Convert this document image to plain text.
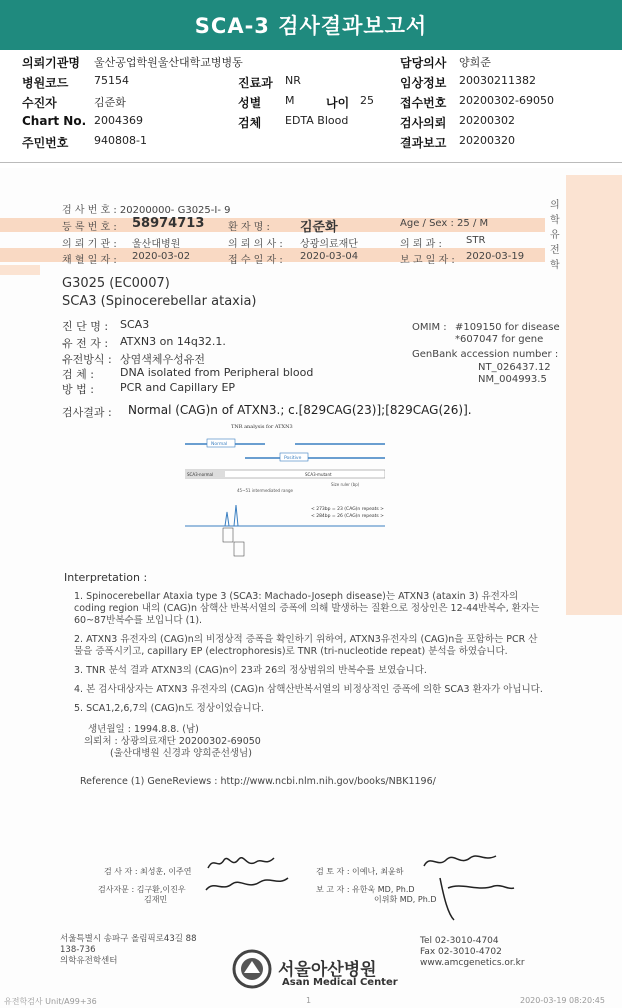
SCA-3 검사결과보고서
의뢰기관명 울산공업학원울산대학교병병동	담당의사 양희준
병원코드 75154	진료과 NR	임상정보 20030211382
수진자	김준화	성별 M	나이 25 접수번호 20200302-69050
Chart No. 2004369	검체 EDTA Blood	검사의뢰 20200302
주민번호 940808-1	결과보고 20200320
의학유전학
검 사 번 호 : 20200000- G3025-I- 9
등 록 번 호 : 58974713 환 자 명 : 김준화	Age / Sex : 25 / M
의 뢰 기 관 : 울산대병원	의 뢰 의 사 : 상광의료재단	의 뢰 과 : STR
채 혈 일 자 : 2020-03-02	접 수 일 자 : 2020-03-04	보 고 일 자 : 2020-03-19
G3025 (EC0007)
SCA3 (Spinocerebellar ataxia)
진 단 명 : SCA3
유 전 자 : ATXN3 on 14q32.1.
유전방식 : 상염색체우성유전
검 체 : DNA isolated from Peripheral blood
방 법 : PCR and Capillary EP
OMIM : #109150 for disease
*607047 for gene
GenBank accession number :
NT_026437.12
NM_004993.5
검사결과 : Normal (CAG)n of ATXN3.; c.[829CAG(23)];[829CAG(26)].
TNR analysis for ATXN3
Normal
Positive
SCA3-normal	SCA3-mutant
Size ruler (bp)
45~51 intermediated range
< 273bp = 23 (CAG)n repeats >
< 284bp = 26 (CAG)n repeats >
Interpretation :
1. Spinocerebellar Ataxia type 3 (SCA3: Machado-Joseph disease)는 ATXN3 (ataxin 3) 유전자의 coding region 내의 (CAG)n 삼핵산 반복서열의 증폭에 의해 발생하는 질환으로 정상인은 12-44반복수, 환자는 60~87반복수를 보입니다 (1).
2. ATXN3 유전자의 (CAG)n의 비정상적 증폭을 확인하기 위하여, ATXN3유전자의 (CAG)n을 포함하는 PCR 산물을 증폭시키고, capillary EP (electrophoresis)로 TNR (tri-nucleotide repeat) 분석을 하였습니다.
3. TNR 분석 결과 ATXN3의 (CAG)n이 23과 26의 정상범위의 반복수를 보였습니다.
4. 본 검사대상자는 ATXN3 유전자의 (CAG)n 삼핵산반복서열의 비정상적인 증폭에 의한 SCA3 환자가 아닙니다.
5. SCA1,2,6,7의 (CAG)n도 정상이었습니다.
생년월일 : 1994.8.8. (남)
의뢰처 : 상광의료재단 20200302-69050
(울산대병원 신경과 양희준선생님)
Reference (1) GeneReviews : http://www.ncbi.nlm.nih.gov/books/NBK1196/
검 사 자 : 최성훈, 이주연	검 토 자 : 이예나, 최윤하
검사자문 : 김구환,이진우
김재민
보 고 자 : 유한욱 MD, Ph.D
이위화 MD, Ph.D
서울특별시 송파구 올림픽로43길 88
138-736
의학유전학센터
Tel 02-3010-4704
Fax 02-3010-4702
www.amcgenetics.or.kr
서울아산병원
Asan Medical Center
유전학검사 Unit/A99+36	1	2020-03-19 08:20:45
